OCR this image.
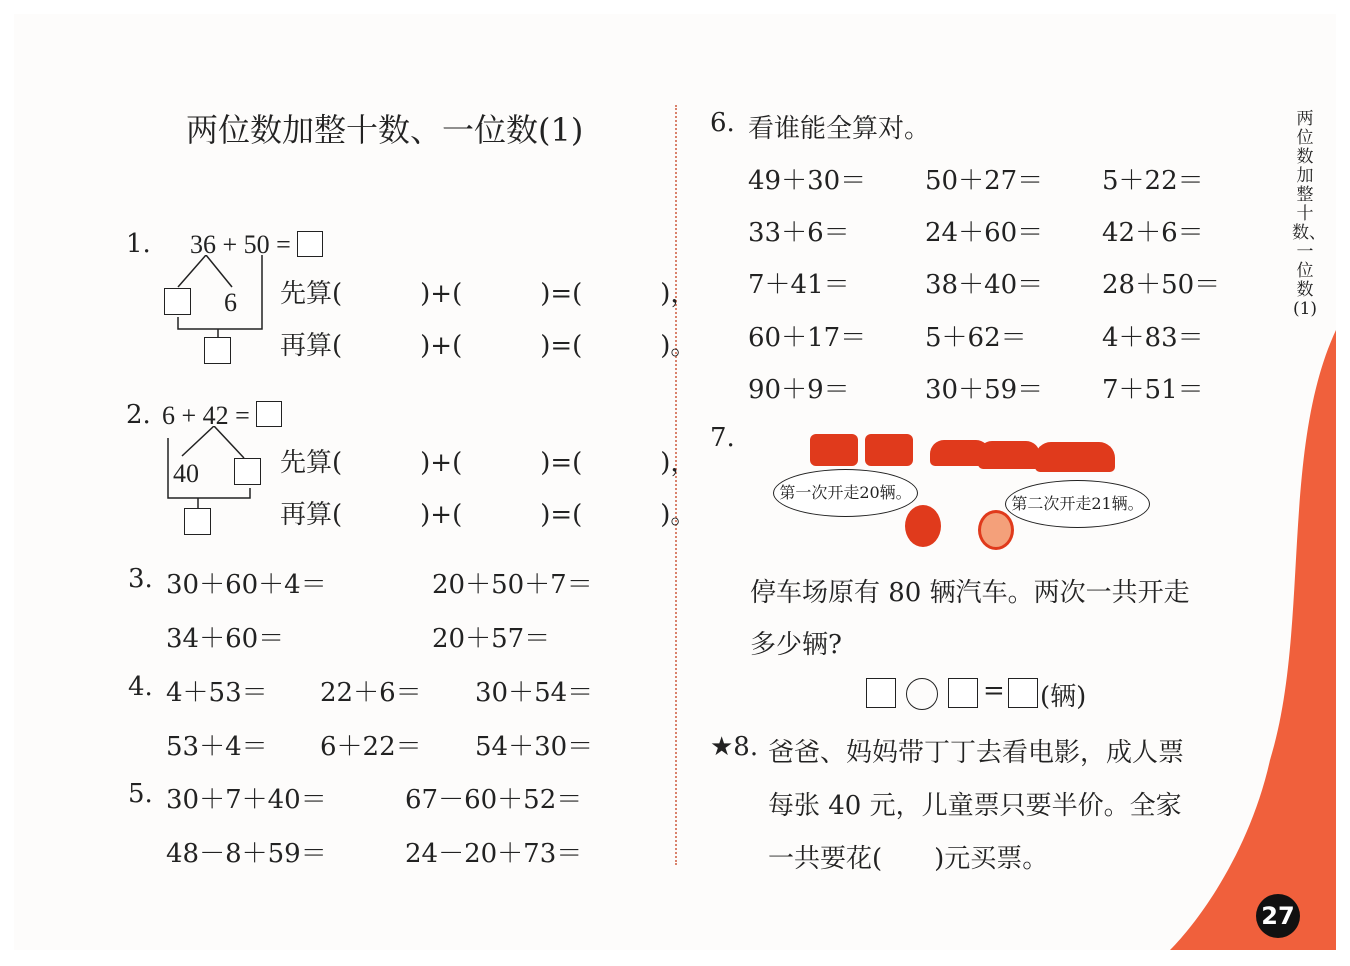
两位数加整十数、一位数(1)
27
两位数加整十数、一位数(1)
1. 36 + 50 =
6 先算(　　　)+(　　　)=(　　　)，
再算(　　　)+(　　　)=(　　　)。
2. 6 + 42 =
40	先算(　　　)+(　　　)=(　　　)，
再算(　　　)+(　　　)=(　　　)。
3. 30＋60＋4＝	20＋50＋7＝
34＋60＝	20＋57＝
4. 4＋53＝ 22＋6＝ 30＋54＝
53＋4＝ 6＋22＝ 54＋30＝
5. 30＋7＋40＝	67－60＋52＝
48－8＋59＝	24－20＋73＝
6. 看谁能全算对。
49＋30＝ 50＋27＝ 5＋22＝
33＋6＝	24＋60＝ 42＋6＝
7＋41＝	38＋40＝ 28＋50＝
60＋17＝ 5＋62＝	4＋83＝
90＋9＝	30＋59＝ 7＋51＝
7.
第一次开走20辆。
第二次开走21辆。
停车场原有 80 辆汽车。两次一共开走
多少辆?
= (辆)
★8. 爸爸、妈妈带丁丁去看电影，成人票
每张 40 元，儿童票只要半价。全家
一共要花(　　)元买票。
